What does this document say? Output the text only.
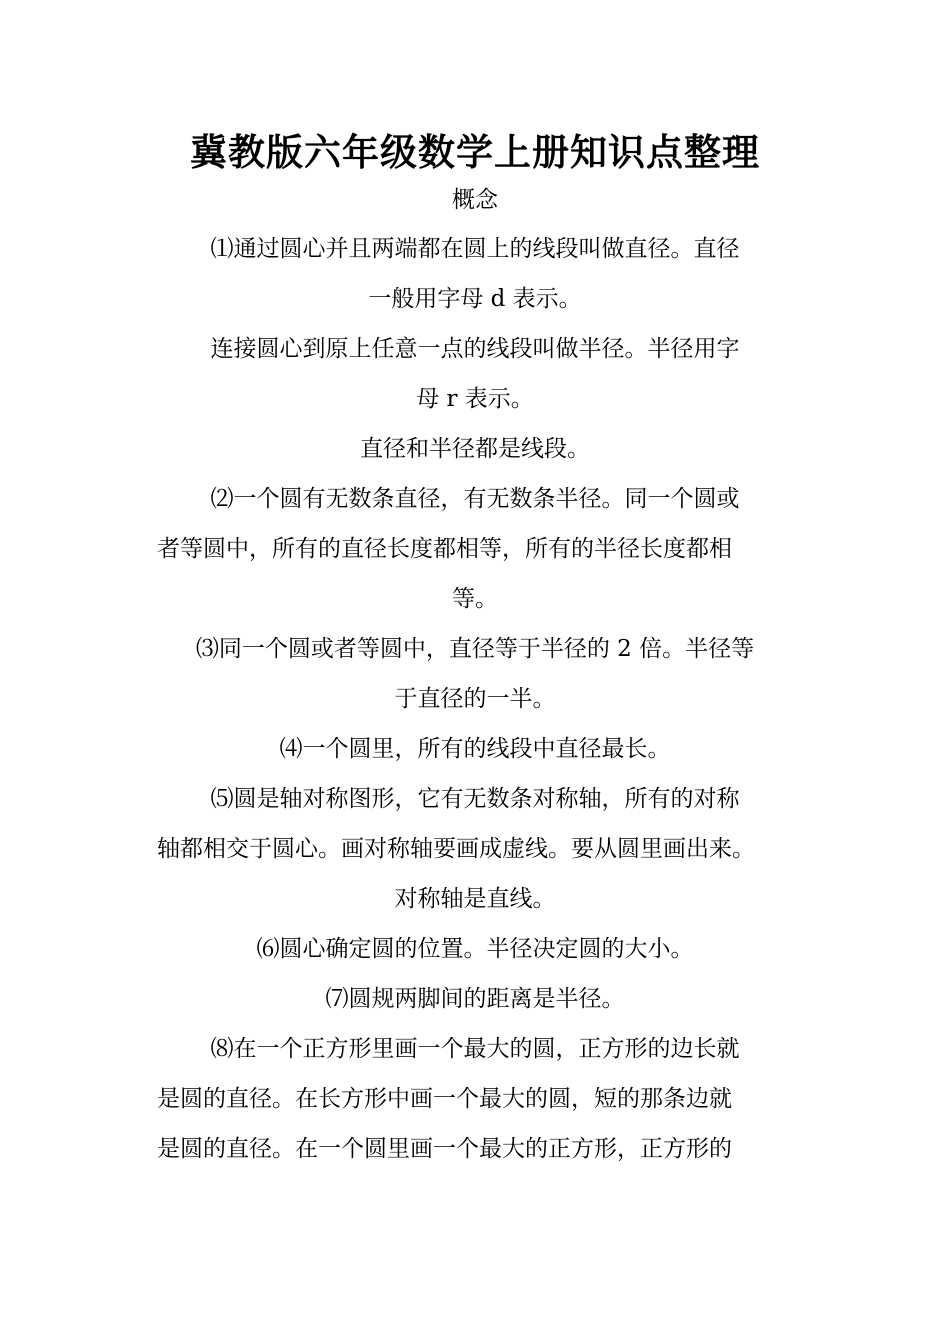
冀教版六年级数学上册知识点整理
概念
⑴通过圆心并且两端都在圆上的线段叫做直径。直径
一般用字母 d 表示。
连接圆心到原上任意一点的线段叫做半径。半径用字
母 r 表示。
直径和半径都是线段。
⑵一个圆有无数条直径，有无数条半径。同一个圆或
者等圆中，所有的直径长度都相等，所有的半径长度都相
等。
⑶同一个圆或者等圆中，直径等于半径的 2 倍。半径等
于直径的一半。
⑷一个圆里，所有的线段中直径最长。
⑸圆是轴对称图形，它有无数条对称轴，所有的对称
轴都相交于圆心。画对称轴要画成虚线。要从圆里画出来。
对称轴是直线。
⑹圆心确定圆的位置。半径决定圆的大小。
⑺圆规两脚间的距离是半径。
⑻在一个正方形里画一个最大的圆，正方形的边长就
是圆的直径。在长方形中画一个最大的圆，短的那条边就
是圆的直径。在一个圆里画一个最大的正方形，正方形的
